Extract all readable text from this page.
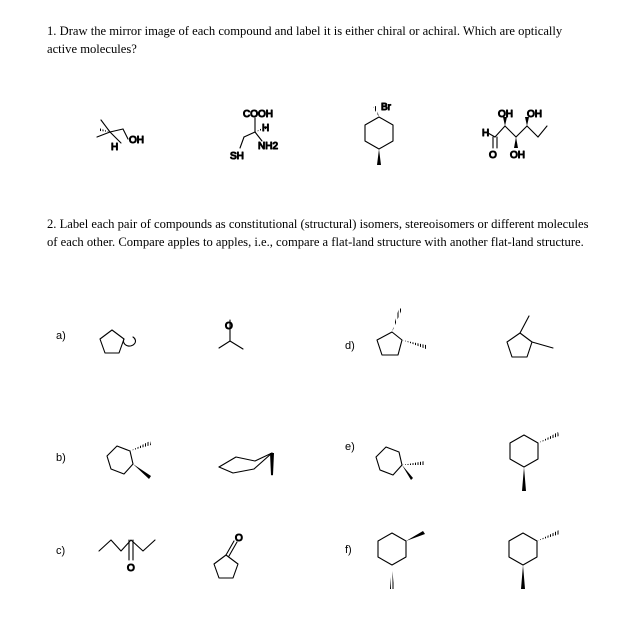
1. Draw the mirror image of each compound and label it is either chiral or achiral. Which are optically active molecules?

2. Label each pair of compounds as constitutional (structural) isomers, stereoisomers or different molecules of each other. Compare apples to apples, i.e., compare a flat-land structure with another flat-land structure.

a)
b)
c)
d)
e)
f)
OH
H
COOH
H
NH2
SH
Br
OH OH
H
O OH
O
O
O
